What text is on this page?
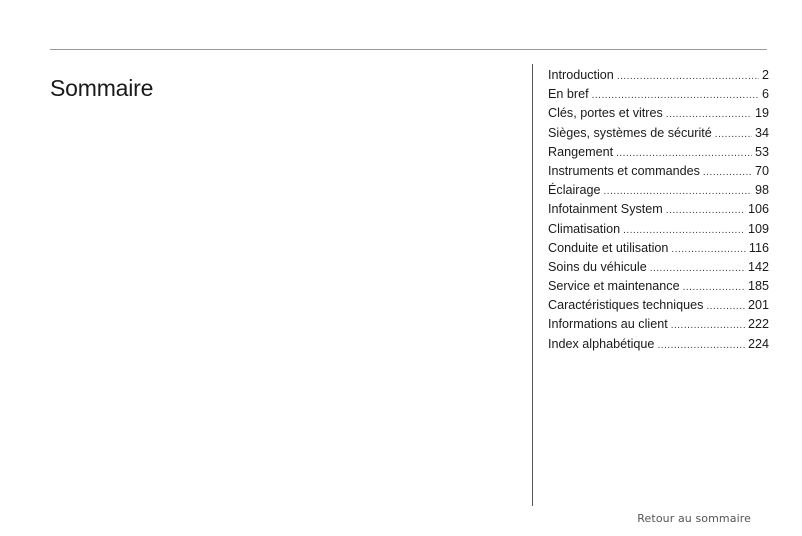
Sommaire
Introduction .....	2
En bref .....	6
Clés, portes et vitres .....	19
Sièges, systèmes de sécurité .....	34
Rangement .....	53
Instruments et commandes .....	70
Éclairage .....	98
Infotainment System .....	106
Climatisation .....	109
Conduite et utilisation .....	116
Soins du véhicule .....	142
Service et maintenance .....	185
Caractéristiques techniques .....	201
Informations au client .....	222
Index alphabétique .....	224
Retour au sommaire
